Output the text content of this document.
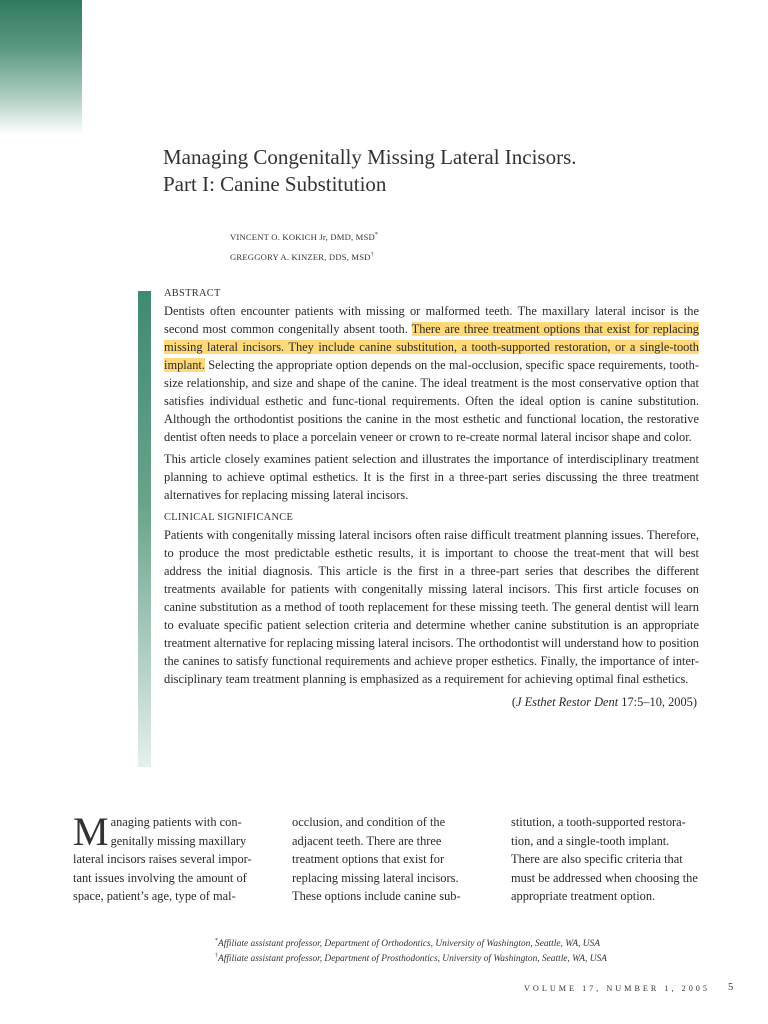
Managing Congenitally Missing Lateral Incisors.
Part I: Canine Substitution
VINCENT O. KOKICH Jr, DMD, MSD*
GREGGORY A. KINZER, DDS, MSD†
ABSTRACT

Dentists often encounter patients with missing or malformed teeth. The maxillary lateral incisor is the second most common congenitally absent tooth. There are three treatment options that exist for replacing missing lateral incisors. They include canine substitution, a tooth-supported restoration, or a single-tooth implant. Selecting the appropriate option depends on the mal-occlusion, specific space requirements, tooth-size relationship, and size and shape of the canine. The ideal treatment is the most conservative option that satisfies individual esthetic and func-tional requirements. Often the ideal option is canine substitution. Although the orthodontist positions the canine in the most esthetic and functional location, the restorative dentist often needs to place a porcelain veneer or crown to re-create normal lateral incisor shape and color.

This article closely examines patient selection and illustrates the importance of interdisciplinary treatment planning to achieve optimal esthetics. It is the first in a three-part series discussing the three treatment alternatives for replacing missing lateral incisors.

CLINICAL SIGNIFICANCE

Patients with congenitally missing lateral incisors often raise difficult treatment planning issues. Therefore, to produce the most predictable esthetic results, it is important to choose the treat-ment that will best address the initial diagnosis. This article is the first in a three-part series that describes the different treatments available for patients with congenitally missing lateral incisors. This first article focuses on canine substitution as a method of tooth replacement for these missing teeth. The general dentist will learn to evaluate specific patient selection criteria and determine whether canine substitution is an appropriate treatment alternative for replacing missing lateral incisors. The orthodontist will understand how to position the canines to satisfy functional requirements and achieve proper esthetics. Finally, the importance of inter-disciplinary team treatment planning is emphasized as a requirement for achieving optimal final esthetics.

(J Esthet Restor Dent 17:5–10, 2005)

Managing patients with con-genitally missing maxillary lateral incisors raises several impor-tant issues involving the amount of space, patient’s age, type of mal-

occlusion, and condition of the adjacent teeth. There are three treatment options that exist for replacing missing lateral incisors. These options include canine sub-

stitution, a tooth-supported restora-tion, and a single-tooth implant. There are also specific criteria that must be addressed when choosing the appropriate treatment option.

*Affiliate assistant professor, Department of Orthodontics, University of Washington, Seattle, WA, USA
†Affiliate assistant professor, Department of Prosthodontics, University of Washington, Seattle, WA, USA
VOLUME 17, NUMBER 1, 2005 5
